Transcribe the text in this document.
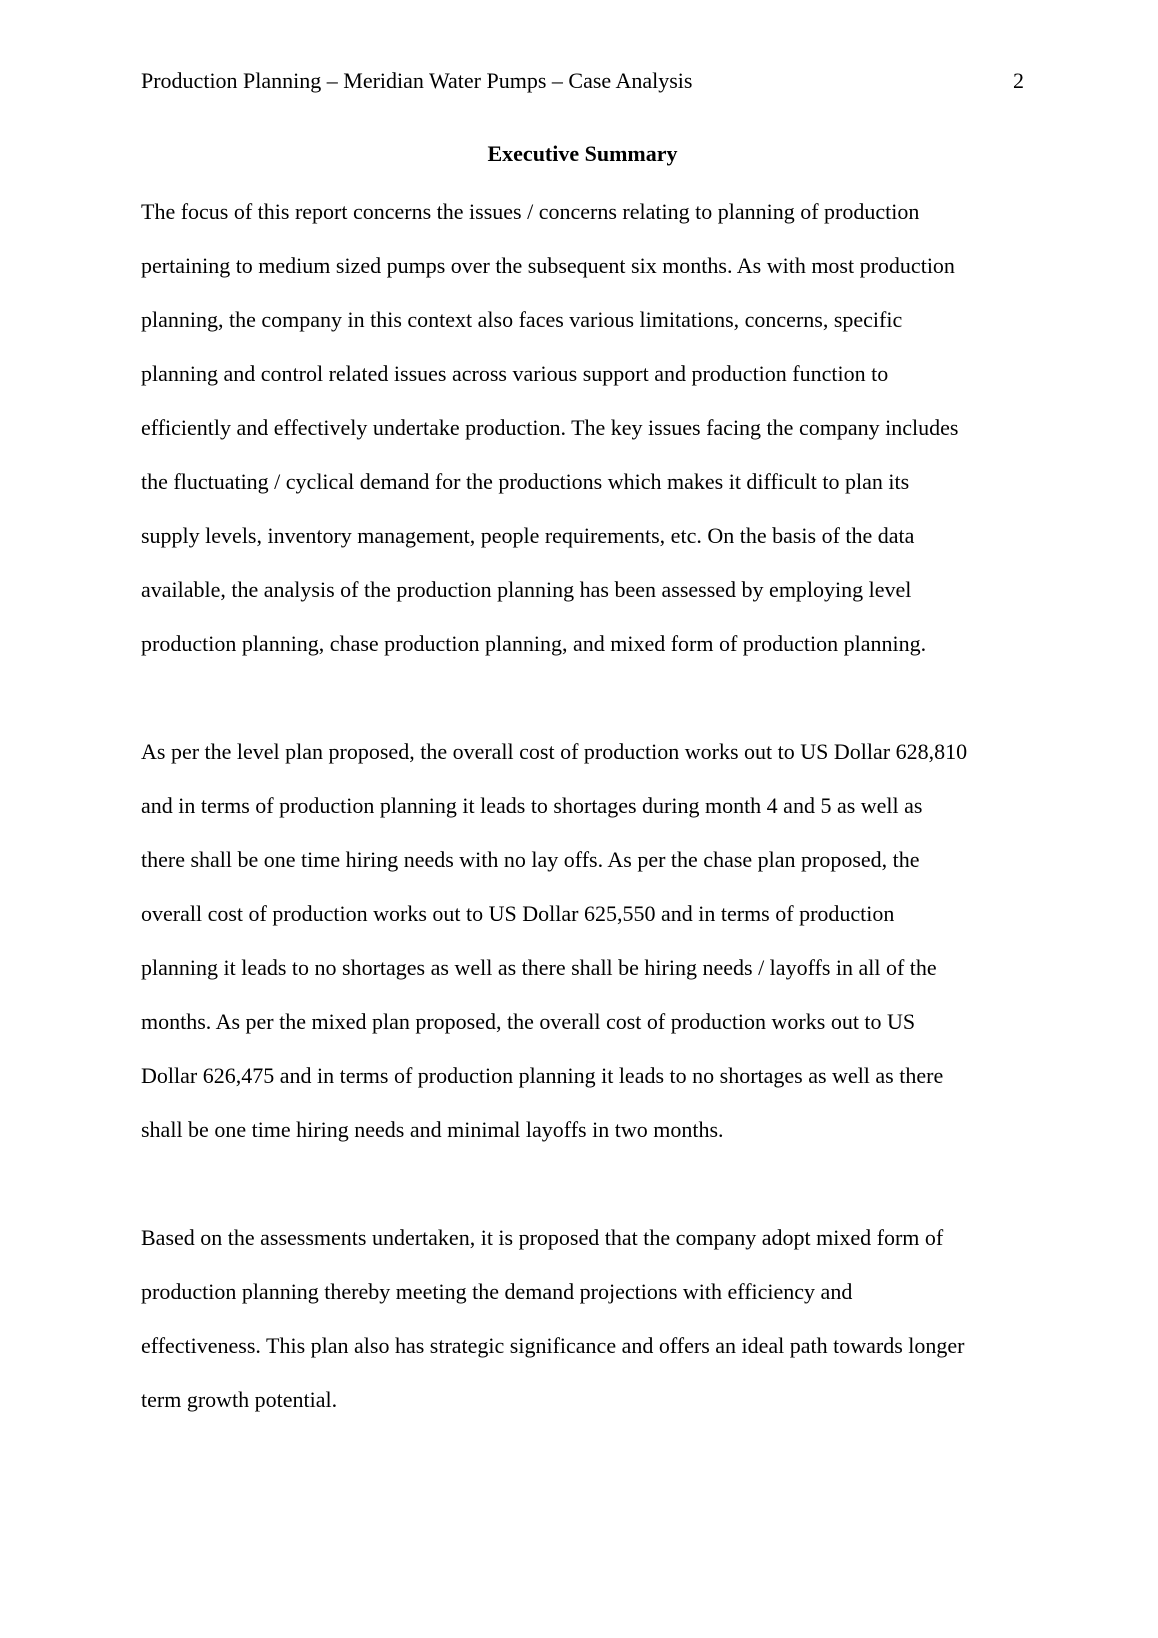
Production Planning – Meridian Water Pumps – Case Analysis	2
Executive Summary

The focus of this report concerns the issues / concerns relating to planning of production
pertaining to medium sized pumps over the subsequent six months. As with most production
planning, the company in this context also faces various limitations, concerns, specific
planning and control related issues across various support and production function to
efficiently and effectively undertake production. The key issues facing the company includes
the fluctuating / cyclical demand for the productions which makes it difficult to plan its
supply levels, inventory management, people requirements, etc. On the basis of the data
available, the analysis of the production planning has been assessed by employing level
production planning, chase production planning, and mixed form of production planning.

As per the level plan proposed, the overall cost of production works out to US Dollar 628,810
and in terms of production planning it leads to shortages during month 4 and 5 as well as
there shall be one time hiring needs with no lay offs. As per the chase plan proposed, the
overall cost of production works out to US Dollar 625,550 and in terms of production
planning it leads to no shortages as well as there shall be hiring needs / layoffs in all of the
months. As per the mixed plan proposed, the overall cost of production works out to US
Dollar 626,475 and in terms of production planning it leads to no shortages as well as there
shall be one time hiring needs and minimal layoffs in two months.

Based on the assessments undertaken, it is proposed that the company adopt mixed form of
production planning thereby meeting the demand projections with efficiency and
effectiveness. This plan also has strategic significance and offers an ideal path towards longer
term growth potential.
